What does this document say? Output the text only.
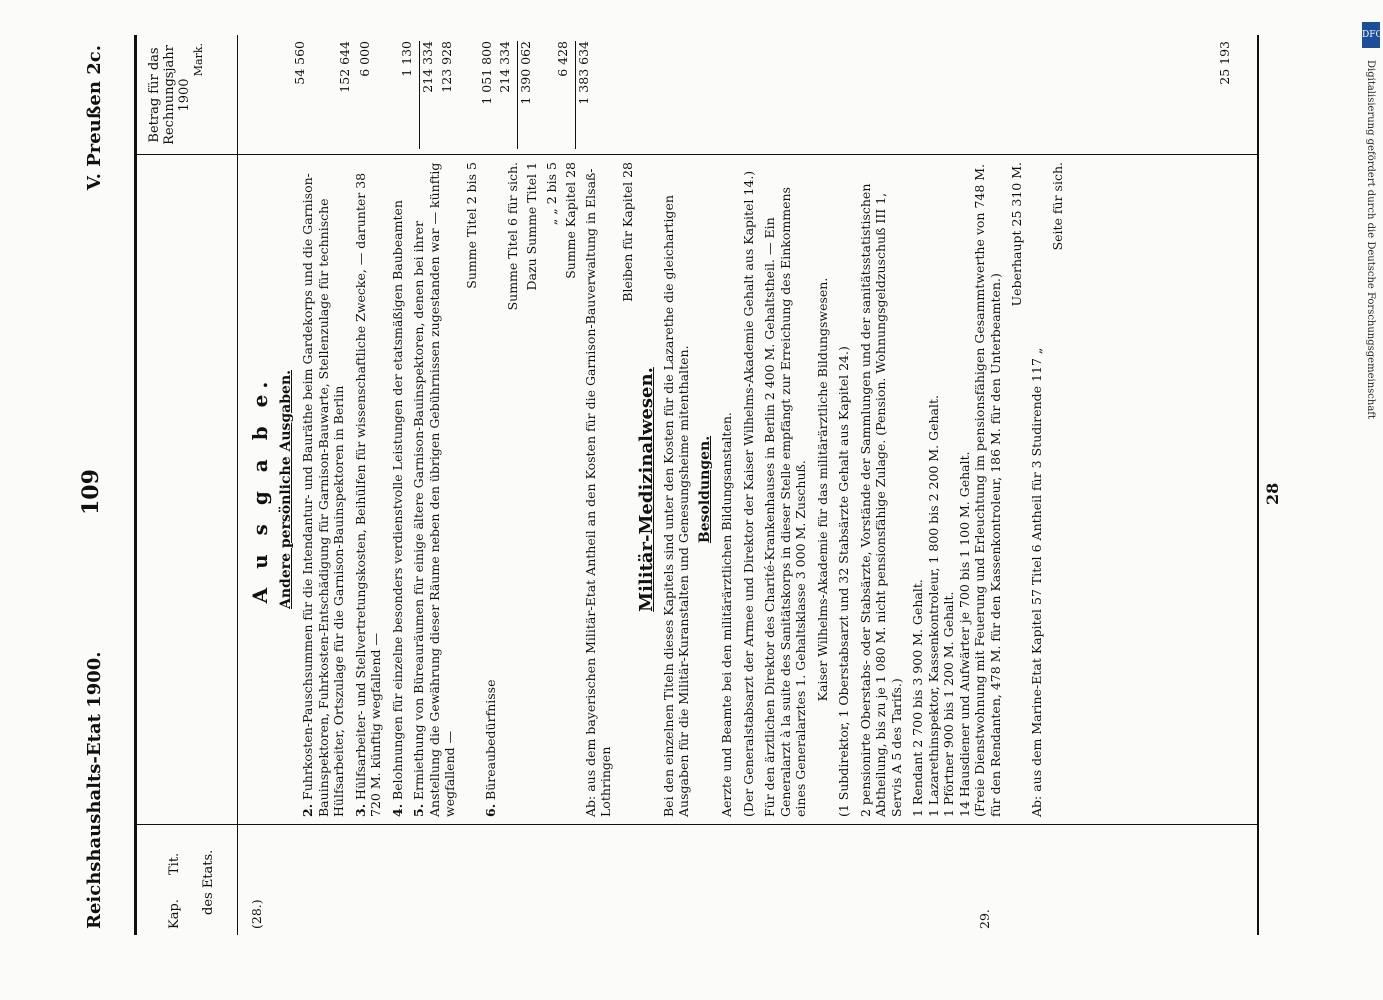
Reichshaushalts-Etat 1900.
109
V. Preußen 2c.
Kap.
Tit. des Etats.
Betrag für das Rechnungsjahr 1900
Mark.
(28.)	29.
A u s g a b e. Andere persönliche Ausgaben.
2. Fuhrkosten-Pauschsummen für die Intendantur- und Bauräthe beim Gardekorps und die Garnison-Bauinspektoren, Fuhrkosten-Entschädigung für Garnison-Bauwarte, Stellenzulage für technische Hülfsarbeiter, Ortszulage für die Garnison-Bauinspektoren in Berlin 3. Hülfsarbeiter- und Stellvertretungskosten, Beihülfen für wissenschaftliche Zwecke, — darunter 38 720 M. künftig wegfallend — 4. Belohnungen für einzelne besonders verdienstvolle Leistungen der etatsmäßigen Baubeamten
5. Ermiethung von Büreauräumen für einige ältere Garnison-Bauinspektoren, denen bei ihrer Anstellung die Gewährung dieser Räume neben den übrigen Gebührnissen zugestanden war — künftig wegfallend —
Summe Titel 2 bis 5
6. Büreaubedürfnisse
Summe Titel 6 für sich. Dazu Summe Titel 1 „ „ 2 bis 5 Summe Kapitel 28 Ab: aus dem bayerischen Militär-Etat Antheil an den Kosten für die Garnison-Bauverwaltung in Elsaß-Lothringen
Bleiben für Kapitel 28
Militär-Medizinalwesen. Bei den einzelnen Titeln dieses Kapitels sind unter den Kosten für die Lazarethe die gleichartigen Ausgaben für die Militär-Kuranstalten und Genesungsheime mitenthalten. Besoldungen. Aerzte und Beamte bei den militärärztlichen Bildungsanstalten. (Der Generalstabsarzt der Armee und Direktor der Kaiser Wilhelms-Akademie Gehalt aus Kapitel 14.) Für den ärztlichen Direktor des Charité-Krankenhauses in Berlin 2 400 M. Gehaltstheil. — Ein Generalarzt à la suite des Sanitätskorps in dieser Stelle empfängt zur Erreichung des Einkommens eines Generalarztes 1. Gehaltsklasse 3 000 M. Zuschuß. Kaiser Wilhelms-Akademie für das militärärztliche Bildungswesen. (1 Subdirektor, 1 Oberstabsarzt und 32 Stabsärzte Gehalt aus Kapitel 24.) 2 pensionirte Oberstabs- oder Stabsärzte, Vorstände der Sammlungen und der sanitätsstatistischen Abtheilung, bis zu je 1 080 M. nicht pensionsfähige Zulage. (Pension. Wohnungsgeldzuschuß III 1, Servis A 5 des Tarifs.) 1 Rendant 2 700 bis 3 900 M. Gehalt. 1 Lazarethinspektor, Kassenkontroleur, 1 800 bis 2 200 M. Gehalt. 1 Pförtner 900 bis 1 200 M. Gehalt. 14 Hausdiener und Aufwärter je 700 bis 1 100 M. Gehalt. (Freie Dienstwohnung mit Feuerung und Erleuchtung im pensionsfähigen Gesammtwerthe von 748 M. für den Rendanten, 478 M. für den Kassenkontroleur, 186 M. für den Unterbeamten.)
Ueberhaupt 25 310 M.
Ab: aus dem Marine-Etat Kapitel 57 Titel 6 Antheil für 3 Studirende 117 „
Seite für sich.
54 560 152 644 6 000 1 130 214 334 123 928 1 051 800 214 334 1 390 062 6 428 1 383 634	25 193
28
DFG
Digitalisierung gefördert durch die Deutsche Forschungsgemeinschaft
